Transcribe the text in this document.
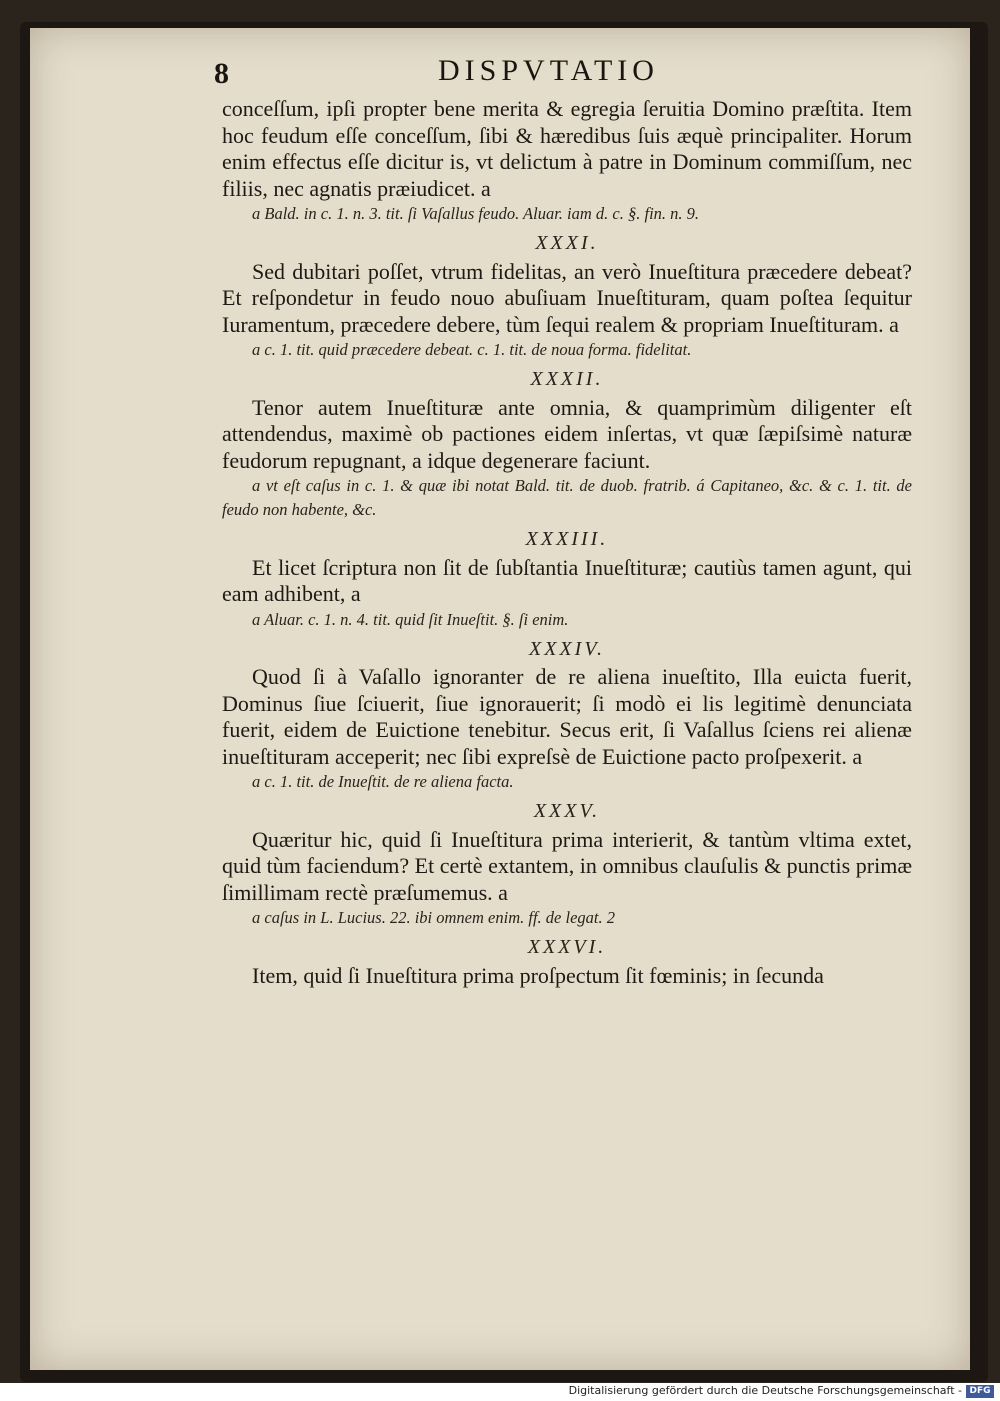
8	DISPVTATIO

conceſſum, ipſi propter bene merita & egregia ſeruitia Domino præſtita. Item hoc feudum eſſe conceſſum, ſibi & hæredibus ſuis æquè principaliter. Horum enim effectus eſſe dicitur is, vt delictum à patre in Dominum commiſſum, nec filiis, nec agnatis præiudicet. a

a Bald. in c. 1. n. 3. tit. ſi Vaſallus feudo. Aluar. iam d. c. §. fin. n. 9.

XXXI.

Sed dubitari poſſet, vtrum fidelitas, an verò Inueſtitura præcedere debeat? Et reſpondetur in feudo nouo abuſiuam Inueſtituram, quam poſtea ſequitur Iuramentum, præcedere debere, tùm ſequi realem & propriam Inueſtituram. a

a c. 1. tit. quid præcedere debeat. c. 1. tit. de noua forma. fidelitat.

XXXII.

Tenor autem Inueſtituræ ante omnia, & quamprimùm diligenter eſt attendendus, maximè ob pactiones eidem inſertas, vt quæ ſæpiſsimè naturæ feudorum repugnant, a idque degenerare faciunt.

a vt eſt caſus in c. 1. & quæ ibi notat Bald. tit. de duob. fratrib. á Capitaneo, &c. & c. 1. tit. de feudo non habente, &c.

XXXIII.

Et licet ſcriptura non ſit de ſubſtantia Inueſtituræ; cautiùs tamen agunt, qui eam adhibent, a

a Aluar. c. 1. n. 4. tit. quid ſit Inueſtit. §. ſi enim.

XXXIV.

Quod ſi à Vaſallo ignoranter de re aliena inueſtito, Illa euicta fuerit, Dominus ſiue ſciuerit, ſiue ignorauerit; ſi modò ei lis legitimè denunciata fuerit, eidem de Euictione tenebitur. Secus erit, ſi Vaſallus ſciens rei alienæ inueſtituram acceperit; nec ſibi expreſsè de Euictione pacto proſpexerit. a

a c. 1. tit. de Inueſtit. de re aliena facta.

XXXV.

Quæritur hic, quid ſi Inueſtitura prima interierit, & tantùm vltima extet, quid tùm faciendum? Et certè extantem, in omnibus clauſulis & punctis primæ ſimillimam rectè præſumemus. a

a caſus in L. Lucius. 22. ibi omnem enim. ff. de legat. 2

XXXVI.

Item, quid ſi Inueſtitura prima proſpectum ſit fœminis; in ſecunda

Digitalisierung gefördert durch die Deutsche Forschungsgemeinschaft - DFG
